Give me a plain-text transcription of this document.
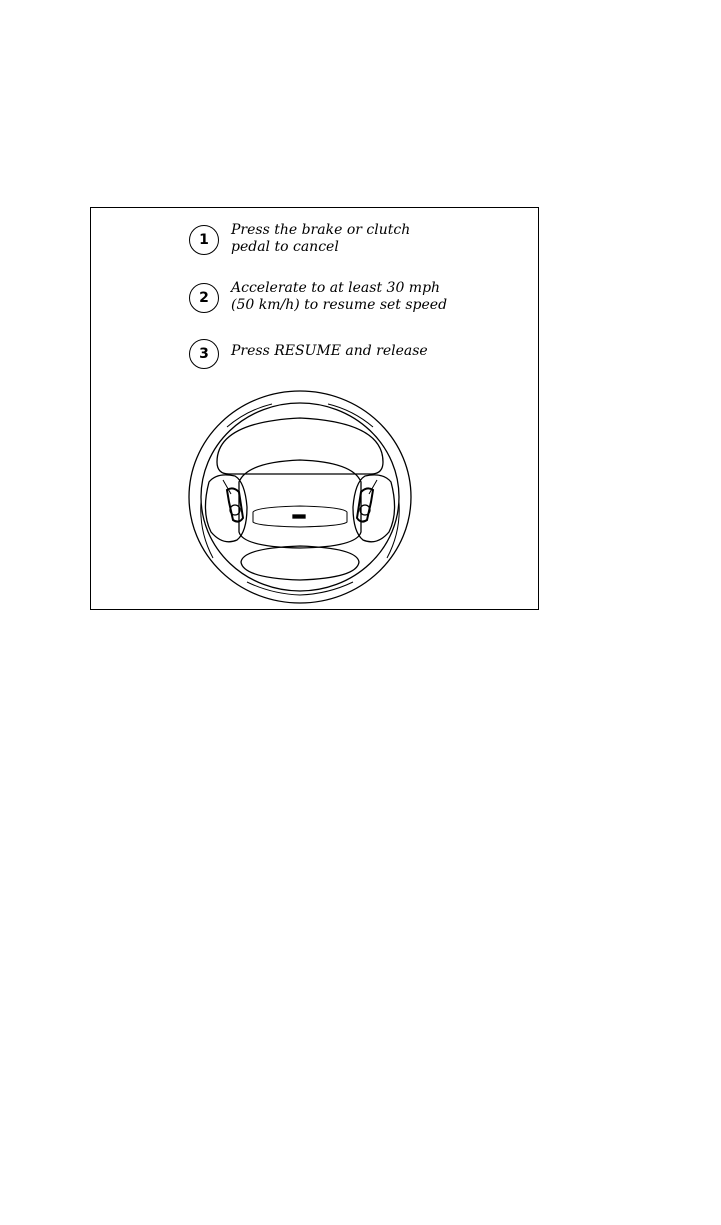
1
Press the brake or clutch
pedal to cancel
2
Accelerate to at least 30 mph
(50 km/h) to resume set speed
3	Press RESUME and release
